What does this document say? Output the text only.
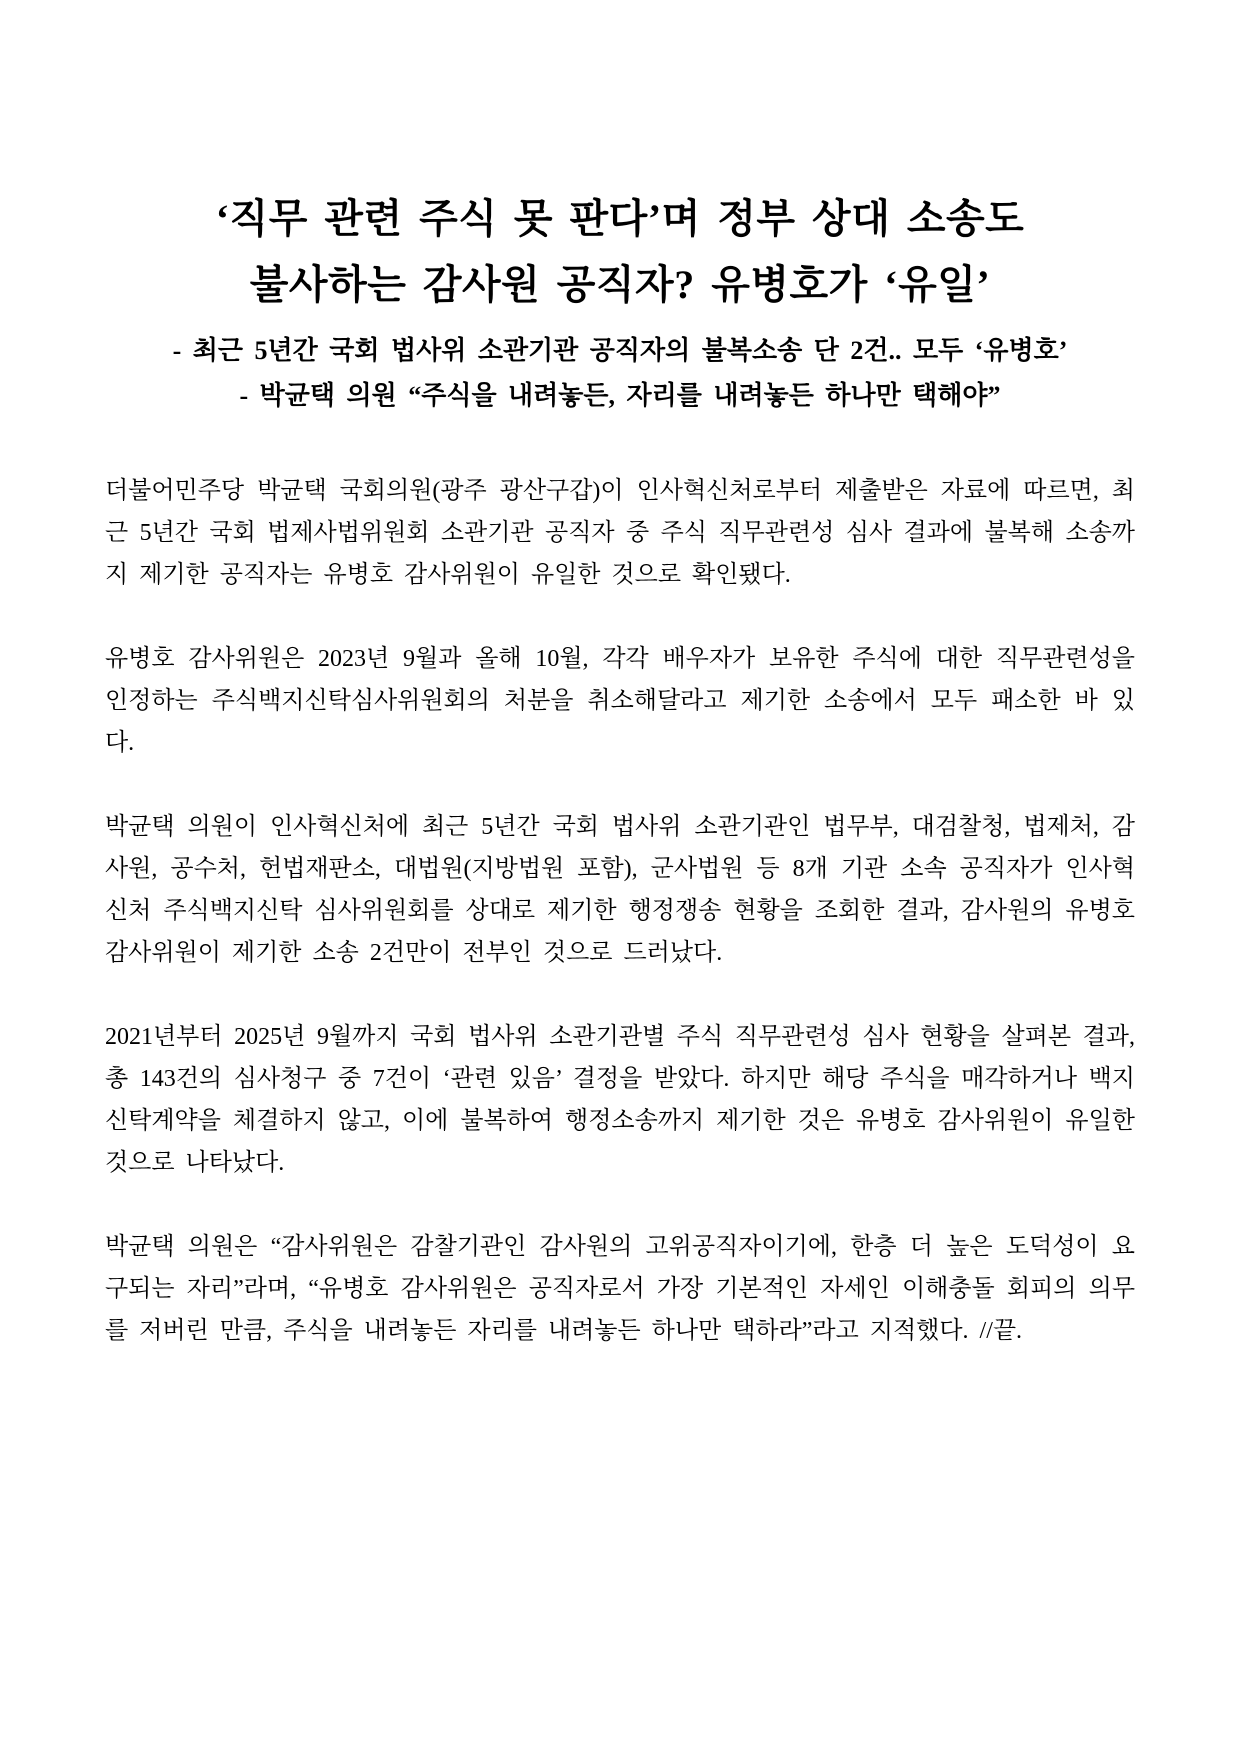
‘직무 관련 주식 못 판다’며 정부 상대 소송도
불사하는 감사원 공직자? 유병호가 ‘유일’
- 최근 5년간 국회 법사위 소관기관 공직자의 불복소송 단 2건.. 모두 ‘유병호’
- 박균택 의원 “주식을 내려놓든, 자리를 내려놓든 하나만 택해야”

더불어민주당 박균택 국회의원(광주 광산구갑)이 인사혁신처로부터 제출받은 자료에 따르면, 최근 5년간 국회 법제사법위원회 소관기관 공직자 중 주식 직무관련성 심사 결과에 불복해 소송까지 제기한 공직자는 유병호 감사위원이 유일한 것으로 확인됐다.

유병호 감사위원은 2023년 9월과 올해 10월, 각각 배우자가 보유한 주식에 대한 직무관련성을 인정하는 주식백지신탁심사위원회의 처분을 취소해달라고 제기한 소송에서 모두 패소한 바 있다.

박균택 의원이 인사혁신처에 최근 5년간 국회 법사위 소관기관인 법무부, 대검찰청, 법제처, 감사원, 공수처, 헌법재판소, 대법원(지방법원 포함), 군사법원 등 8개 기관 소속 공직자가 인사혁신처 주식백지신탁 심사위원회를 상대로 제기한 행정쟁송 현황을 조회한 결과, 감사원의 유병호 감사위원이 제기한 소송 2건만이 전부인 것으로 드러났다.

2021년부터 2025년 9월까지 국회 법사위 소관기관별 주식 직무관련성 심사 현황을 살펴본 결과, 총 143건의 심사청구 중 7건이 ‘관련 있음’ 결정을 받았다. 하지만 해당 주식을 매각하거나 백지신탁계약을 체결하지 않고, 이에 불복하여 행정소송까지 제기한 것은 유병호 감사위원이 유일한 것으로 나타났다.

박균택 의원은 “감사위원은 감찰기관인 감사원의 고위공직자이기에, 한층 더 높은 도덕성이 요구되는 자리”라며, “유병호 감사위원은 공직자로서 가장 기본적인 자세인 이해충돌 회피의 의무를 저버린 만큼, 주식을 내려놓든 자리를 내려놓든 하나만 택하라”라고 지적했다. //끝.
